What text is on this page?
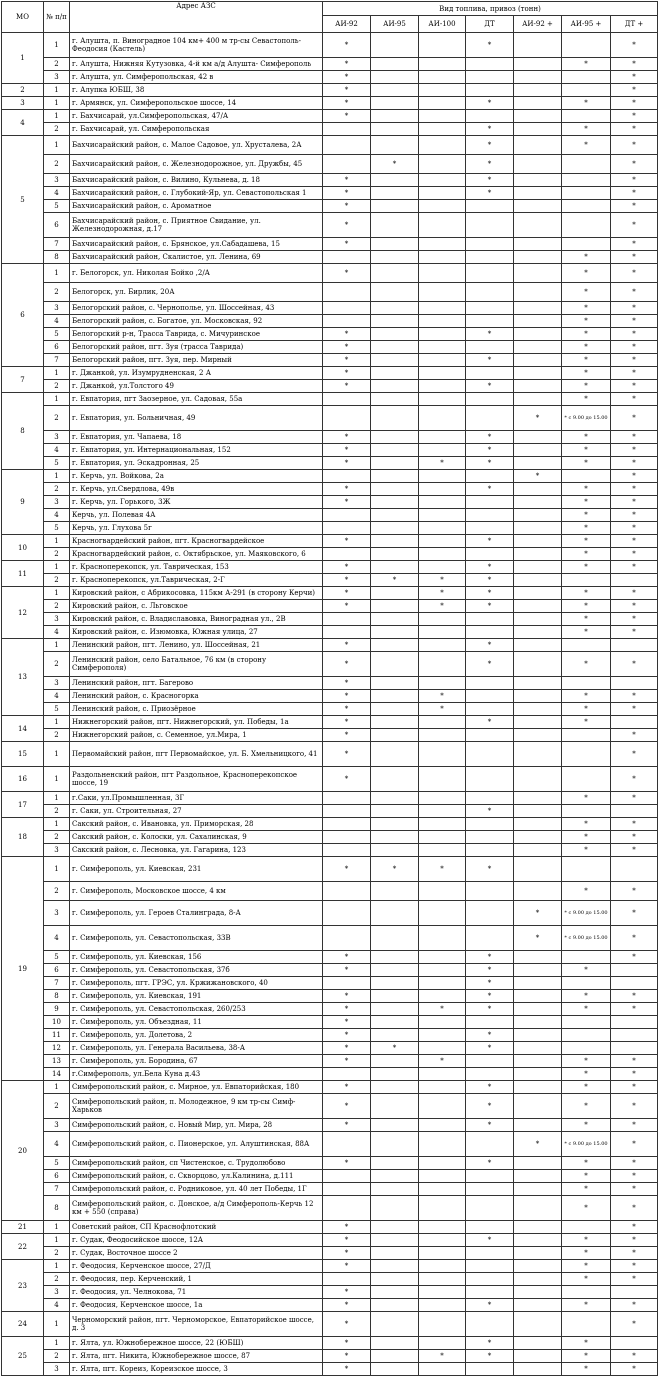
МО	№ п/п	Адрес АЗС	Вид топлива, привоз (тонн)						
			АИ-92	АИ-95	АИ-100	ДТ	АИ-92 +	АИ-95 +	ДТ +
1	1	г. Алушта, п. Виноградное 104 км+ 400 м тр-сы Севастополь-Феодосия (Кастель)	*			*			*
	2	г. Алушта, Нижняя Кутузовка, 4-й км а/д Алушта- Симферополь	*					*	*
	3	г. Алушта, ул. Симферопольская, 42 в	*						*
2	1	г. Алупка ЮБШ, 38	*						*
3	1	г. Армянск, ул. Симферопольское шоссе, 14	*			*		*	*
4	1	г. Бахчисарай, ул.Симферопольская, 47/А	*						*
	2	г. Бахчисарай, ул. Симферопольская				*		*	*
5	1	Бахчисарайский район, с. Малое Садовое, ул. Хрусталева, 2А				*		*	*
	2	Бахчисарайский район, с. Железнодорожное, ул. Дружбы, 45		*		*			*
	3	Бахчисарайский район, с. Вилино, Кульнева, д. 18	*			*			*
	4	Бахчисарайский район, с. Глубокий-Яр, ул. Севастопольская 1	*			*			*
	5	Бахчисарайский район, с. Ароматное	*						*
	6	Бахчисарайский район, с. Приятное Свидание, ул. Железнодорожная, д.17	*						*
	7	Бахчисарайский район, с. Брянское, ул.Сабадашева, 15	*						*
	8	Бахчисарайский район, Скалистое, ул. Ленина, 69						*	*
6	1	г. Белогорск, ул. Николая Бойко ,2/А	*					*	*
	2	Белогорск, ул. Бирлик, 20А						*	*
	3	Белогорский район, с. Чернополье, ул. Шоссейная, 43						*	*
	4	Белогорский район, с. Богатое, ул. Московская, 92						*	*
	5	Белогорский р-н, Трасса Таврида, с. Мичуринское	*			*		*	*
	6	Белогорский район, пгт. Зуя (трасса Таврида)	*					*	*
	7	Белогорский район, пгт. Зуя, пер. Мирный	*			*		*	*
7	1	г. Джанкой, ул. Изумрудненская, 2 А	*					*	*
	2	г. Джанкой, ул.Толстого 49	*			*		*	*
8	1	г. Евпатория, пгт Заозерное, ул. Садовая, 55а						*	*
	2	г. Евпатория, ул. Больничная, 49					*	* с 9.00 до 15.00	*
	3	г. Евпатория, ул. Чапаева, 18	*			*		*	*
	4	г. Евпатория, ул. Интернациональная, 152	*			*		*	*
	5	г. Евпатория, ул. Эскадронная, 25	*		*	*		*	*
9	1	г. Керчь, ул. Войкова, 2а					*		*
	2	г. Керчь, ул.Свердлова, 49в	*			*		*	*
	3	г. Керчь, ул. Горького, 3Ж	*					*	*
	4	Керчь, ул. Полевая 4А						*	*
	5	Керчь, ул. Глухова 5г						*	*
10	1	Красногвардейский район, пгт. Красногвардейское	*			*		*	*
	2	Красногвардейский район, с. Октябрьское, ул. Маяковского, 6						*	*
11	1	г. Красноперекопск, ул. Таврическая, 153	*			*		*	*
	2	г. Красноперекопск, ул.Таврическая, 2-Г	*	*	*	*			
12	1	Кировский район, с Абрикосовка, 115км А-291 (в сторону Керчи)	*		*	*		*	*
	2	Кировский район, с. Льговское	*		*	*		*	*
	3	Кировский район, с. Владиславовка, Виноградная ул., 2В						*	*
	4	Кировский район, с. Изюмовка, Южная улица, 27						*	*
13	1	Ленинский район, пгт. Ленино, ул. Шоссейная, 21	*			*			
	2	Ленинский район, село Батальное, 76 км (в сторону Симферополя)	*			*		*	*
	3	Ленинский район, пгт. Багерово	*						
	4	Ленинский район, с. Красногорка	*		*			*	*
	5	Ленинский район, с. Приозёрное	*		*			*	*
14	1	Нижнегорский район, пгт. Нижнегорский, ул. Победы, 1а	*			*		*	
	2	Нижнегорский район, с. Семенное, ул.Мира, 1	*						*
15	1	Первомайский район, пгт Первомайское, ул. Б. Хмельницкого, 41	*						*
16	1	Раздольненский район, пгт Раздольное, Красноперекопское шоссе, 19	*						*
17	1	г.Саки, ул.Промышленная, 3Г						*	*
	2	г. Саки, ул. Строительная, 27				*			
18	1	Сакский район, с. Ивановка, ул. Приморская, 28						*	*
	2	Сакский район, с. Колоски, ул. Сахалинская, 9						*	*
	3	Сакский район, с. Лесновка, ул. Гагарина, 123						*	*
19	1	г. Симферополь, ул. Киевская, 231	*	*	*	*			
	2	г. Симферополь, Московское шоссе, 4 км						*	*
	3	г. Симферополь, ул. Героев Сталинграда, 8-А					*	* с 9.00 до 15.00	*
	4	г. Симферополь, ул. Севастопольская, 33В					*	* с 9.00 до 15.00	*
	5	г. Симферополь, ул. Киевская, 156	*			*			*
	6	г. Симферополь, ул. Севастопольская, 37б	*			*		*	
	7	г. Симферополь, пгт. ГРЭС, ул. Кржижановского, 40				*			
	8	г. Симферополь, ул. Киевская, 191	*			*		*	*
	9	г. Симферополь, ул. Севастопольская, 260/253	*		*	*		*	*
	10	г. Симферополь, ул. Объездная, 11	*						
	11	г. Симферополь, ул. Долетова, 2	*			*			
	12	г. Симферополь, ул. Генерала Васильева, 38-А	*	*		*			
	13	г. Симферополь, ул. Бородина, 67	*		*			*	*
	14	г.Симферополь, ул.Бела Куна д.43						*	*
20	1	Симферопольский район, с. Мирное, ул. Евпаторийская, 180	*			*		*	*
	2	Симферопольский район, п. Молодежное, 9 км тр-сы Симф-Харьков	*			*		*	*
	3	Симферопольский район, с. Новый Мир, ул. Мира, 28	*			*		*	*
	4	Симферопольский район, с. Пионерское, ул. Алуштинская, 88А					*	* с 9.00 до 15.00	*
	5	Симферопольский район, сп Чистенское, с. Трудолюбово	*			*		*	*
	6	Симферопольский район, с. Скворцово, ул.Калинина, д.111						*	*
	7	Симферопольский район, с. Родниковое, ул. 40 лет Победы, 1Г						*	*
	8	Симферопольский район, с. Донское, а/д Симферополь-Керчь 12 км + 550 (справа)						*	*
21	1	Советский район, СП Краснофлотский	*						*
22	1	г. Судак, Феодосийское шоссе, 12А	*			*		*	*
	2	г. Судак, Восточное шоссе 2	*					*	*
23	1	г. Феодосия, Керченское шоссе, 27/Д	*					*	*
	2	г. Феодосия, пер. Керченский, 1						*	*
	3	г. Феодосия, ул. Челнокова, 71	*						
	4	г. Феодосия, Керченское шоссе, 1а	*			*		*	*
24	1	Черноморский район, пгт. Черноморское, Евпаторийское шоссе, д. 3	*						*
25	1	г. Ялта, ул. Южнобережное шоссе, 22 (ЮБШ)	*			*		*	
	2	г. Ялта, пгт. Никита, Южнобережное шоссе, 87	*		*	*		*	*
	3	г. Ялта, пгт. Кореиз, Кореизское шоссе, 3	*					*	*
